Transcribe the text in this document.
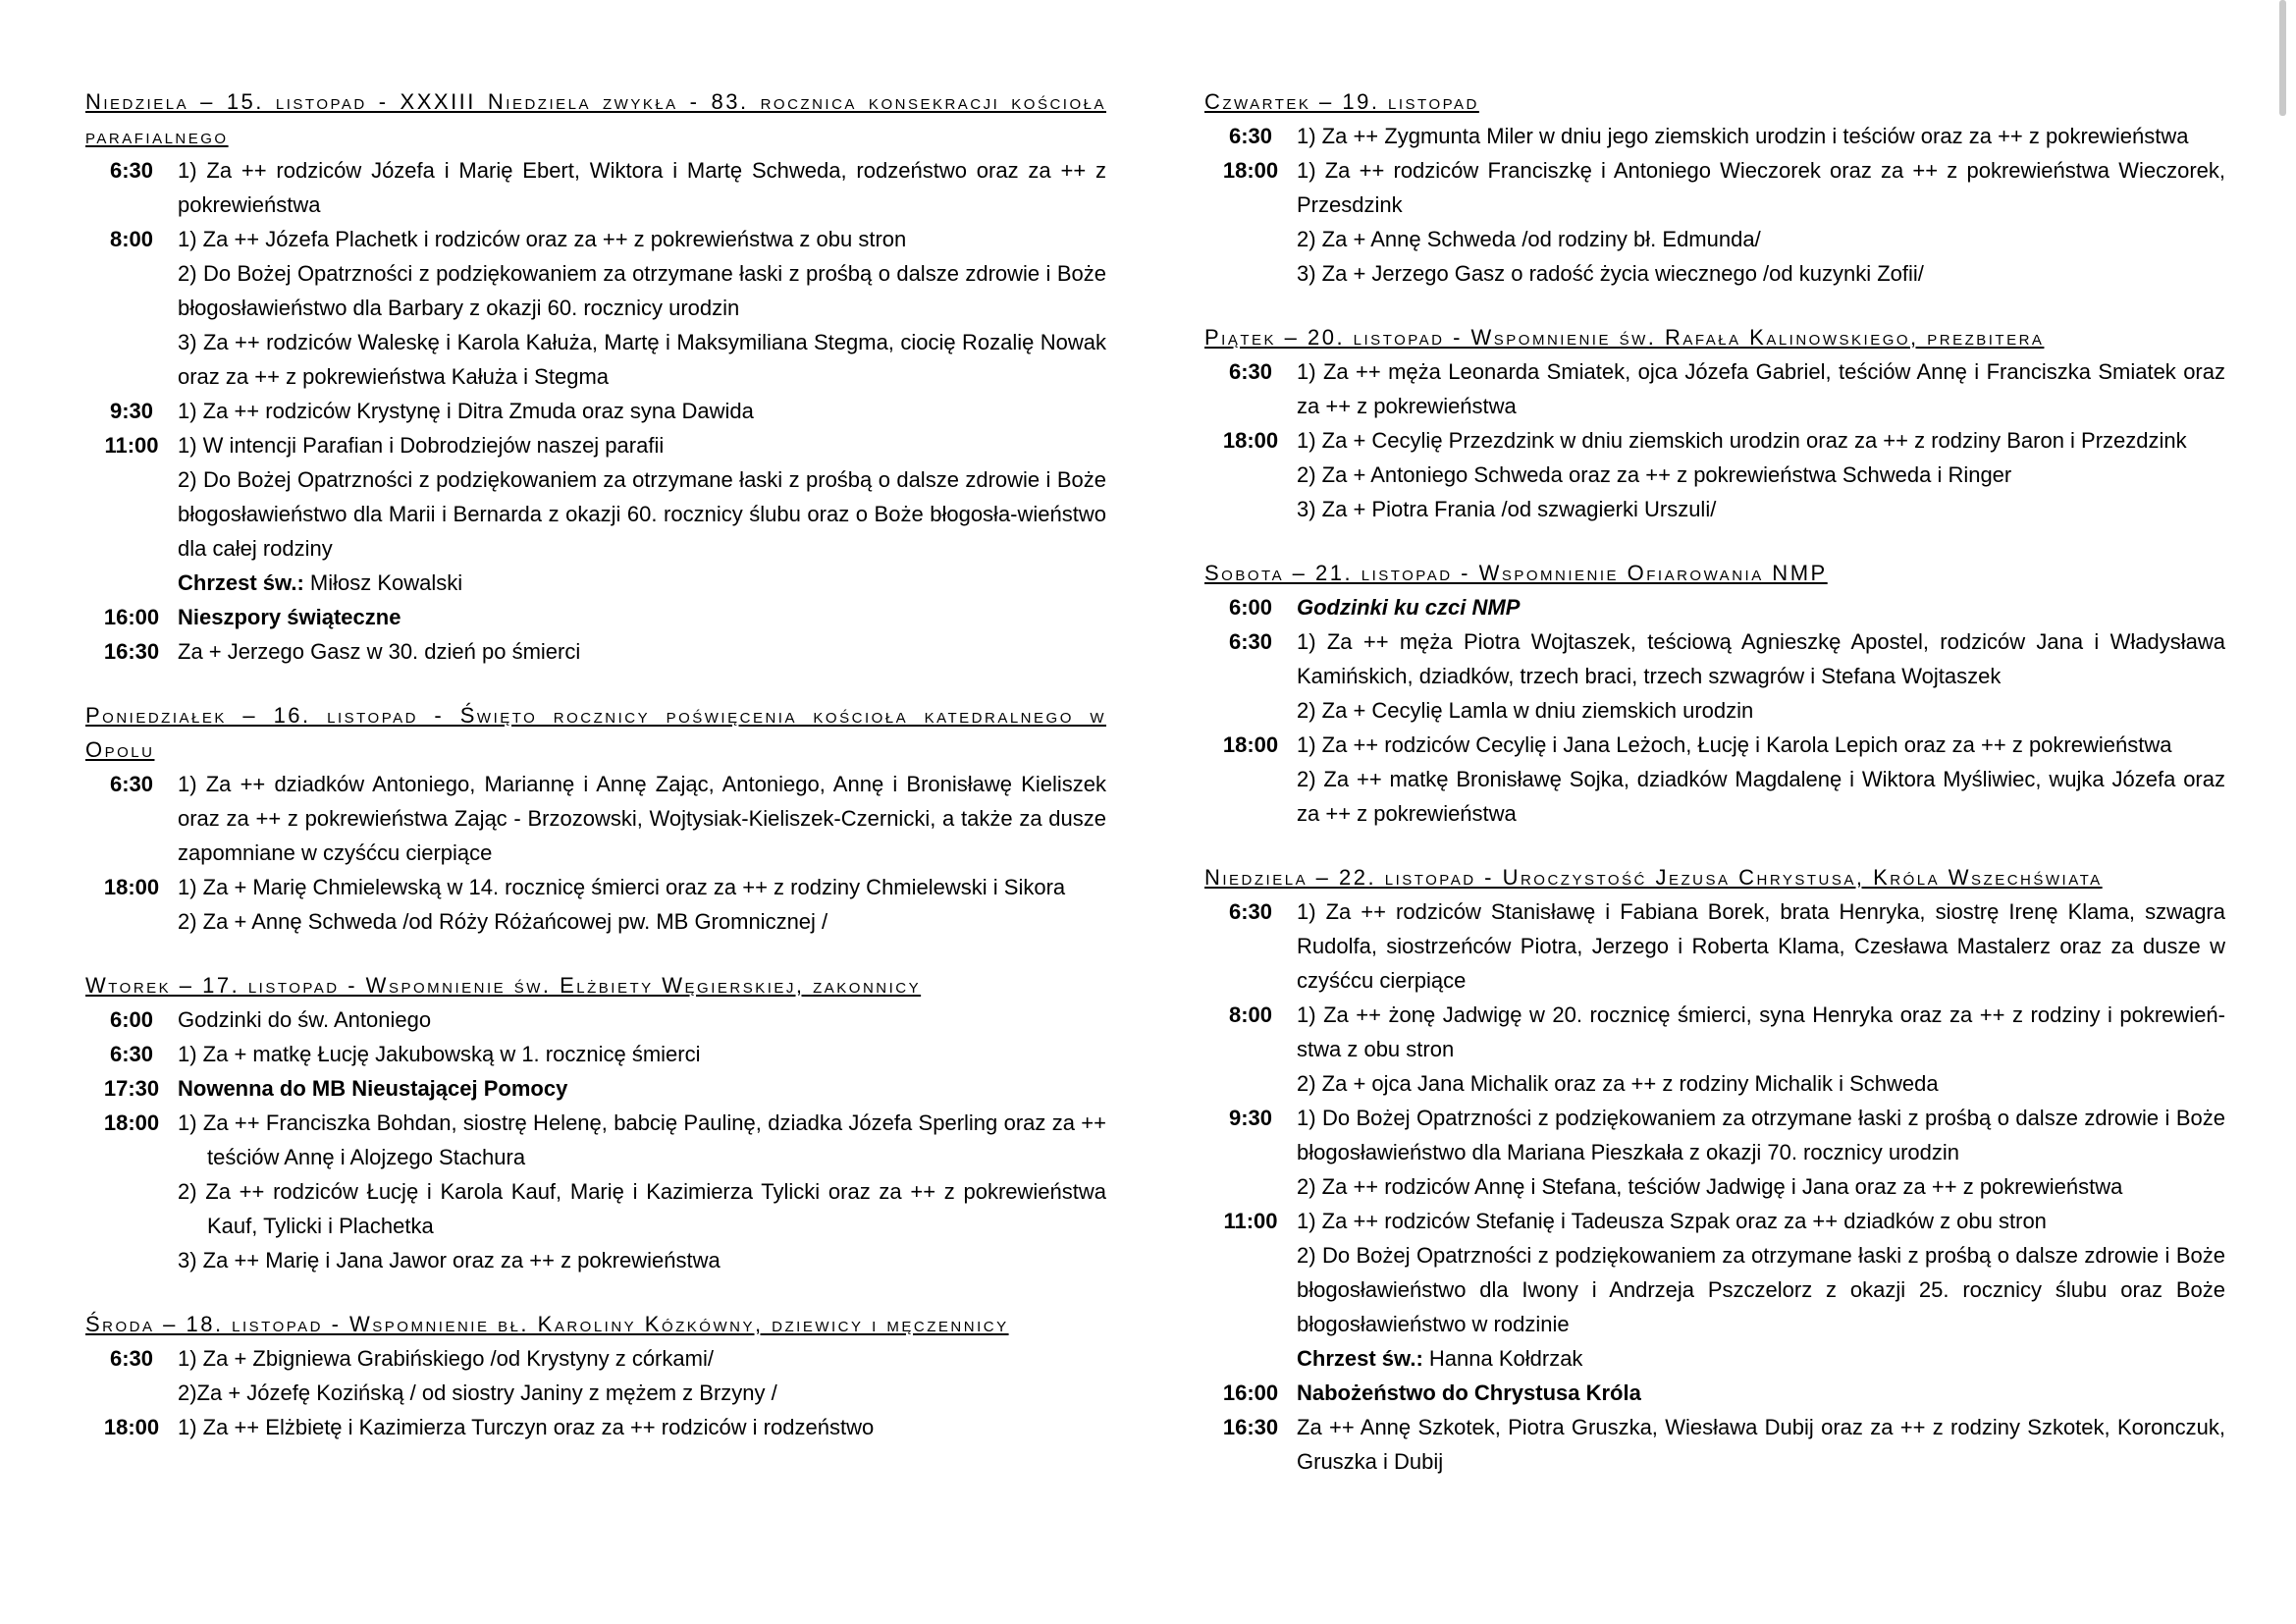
Niedziela – 15. listopad - XXXIII Niedziela zwykła - 83. rocznica konsekracji kościoła parafialnego
6:30	1) Za ++ rodziców Józefa i Marię Ebert, Wiktora i Martę Schweda, rodzeństwo oraz za ++ z pokrewieństwa
8:00	1) Za ++ Józefa Plachetk i rodziców oraz za ++ z pokrewieństwa z obu stron
2) Do Bożej Opatrzności z podziękowaniem za otrzymane łaski z prośbą o dalsze zdrowie i Boże błogosławieństwo dla Barbary z okazji 60. rocznicy urodzin
3) Za ++ rodziców Waleskę i Karola Kałuża, Martę i Maksymiliana Stegma, ciocię Rozalię Nowak oraz za ++ z pokrewieństwa Kałuża i Stegma
9:30	1) Za ++ rodziców Krystynę i Ditra Zmuda oraz syna Dawida
11:00 1) W intencji Parafian i Dobrodziejów naszej parafii
2) Do Bożej Opatrzności z podziękowaniem za otrzymane łaski z prośbą o dalsze zdrowie i Boże błogosławieństwo dla Marii i Bernarda z okazji 60. rocznicy ślubu oraz o Boże błogosła-wieństwo dla całej rodziny
Chrzest św.: Miłosz Kowalski
16:00 Nieszpory świąteczne
16:30 Za + Jerzego Gasz w 30. dzień po śmierci
Poniedziałek – 16. listopad - Święto rocznicy poświęcenia kościoła katedralnego w Opolu
6:30	1) Za ++ dziadków Antoniego, Mariannę i Annę Zając, Antoniego, Annę i Bronisławę Kieliszek oraz za ++ z pokrewieństwa Zając - Brzozowski, Wojtysiak-Kieliszek-Czernicki, a także za dusze zapomniane w czyśćcu cierpiące
18:00 1) Za + Marię Chmielewską w 14. rocznicę śmierci oraz za ++ z rodziny Chmielewski i Sikora
2) Za + Annę Schweda /od Róży Różańcowej pw. MB Gromnicznej /
Wtorek – 17. listopad - Wspomnienie św. Elżbiety Węgierskiej, zakonnicy
6:00	Godzinki do św. Antoniego
6:30	1) Za + matkę Łucję Jakubowską w 1. rocznicę śmierci
17:30 Nowenna do MB Nieustającej Pomocy
18:00 1) Za ++ Franciszka Bohdan, siostrę Helenę, babcię Paulinę, dziadka Józefa Sperling oraz za ++ teściów Annę i Alojzego Stachura
2) Za ++ rodziców Łucję i Karola Kauf, Marię i Kazimierza Tylicki oraz za ++ z pokrewieństwa Kauf, Tylicki i Plachetka
3) Za ++ Marię i Jana Jawor oraz za ++ z pokrewieństwa
Środa – 18. listopad - Wspomnienie bł. Karoliny Kózkówny, dziewicy i męczennicy
6:30	1) Za + Zbigniewa Grabińskiego /od Krystyny z córkami/
2)Za + Józefę Kozińską / od siostry Janiny z mężem z Brzyny /
18:00 1) Za ++ Elżbietę i Kazimierza Turczyn oraz za ++ rodziców i rodzeństwo
Czwartek – 19. listopad
6:30	1) Za ++ Zygmunta Miler w dniu jego ziemskich urodzin i teściów oraz za ++ z pokrewieństwa
18:00 1) Za ++ rodziców Franciszkę i Antoniego Wieczorek oraz za ++ z pokrewieństwa Wieczorek, Przesdzink
2) Za + Annę Schweda /od rodziny bł. Edmunda/
3) Za + Jerzego Gasz o radość życia wiecznego /od kuzynki Zofii/
Piątek – 20. listopad - Wspomnienie św. Rafała Kalinowskiego, prezbitera
6:30	1) Za ++ męża Leonarda Smiatek, ojca Józefa Gabriel, teściów Annę i Franciszka Smiatek oraz za ++ z pokrewieństwa
18:00 1) Za + Cecylię Przezdzink w dniu ziemskich urodzin oraz za ++ z rodziny Baron i Przezdzink
2) Za + Antoniego Schweda oraz za ++ z pokrewieństwa Schweda i Ringer
3) Za + Piotra Frania /od szwagierki Urszuli/
Sobota – 21. listopad - Wspomnienie Ofiarowania NMP
6:00	Godzinki ku czci NMP
6:30	1) Za ++ męża Piotra Wojtaszek, teściową Agnieszkę Apostel, rodziców Jana i Władysława Kamińskich, dziadków, trzech braci, trzech szwagrów i Stefana Wojtaszek
2) Za + Cecylię Lamla w dniu ziemskich urodzin
18:00 1) Za ++ rodziców Cecylię i Jana Leżoch, Łucję i Karola Lepich oraz za ++ z pokrewieństwa
2) Za ++ matkę Bronisławę Sojka, dziadków Magdalenę i Wiktora Myśliwiec, wujka Józefa oraz za ++ z pokrewieństwa
Niedziela – 22. listopad - Uroczystość Jezusa Chrystusa, Króla Wszechświata
6:30	1) Za ++ rodziców Stanisławę i Fabiana Borek, brata Henryka, siostrę Irenę Klama, szwagra Rudolfa, siostrzeńców Piotra, Jerzego i Roberta Klama, Czesława Mastalerz oraz za dusze w czyśćcu cierpiące
8:00	1) Za ++ żonę Jadwigę w 20. rocznicę śmierci, syna Henryka oraz za ++ z rodziny i pokrewień-stwa z obu stron
2) Za + ojca Jana Michalik oraz za ++ z rodziny Michalik i Schweda
9:30	1) Do Bożej Opatrzności z podziękowaniem za otrzymane łaski z prośbą o dalsze zdrowie i Boże błogosławieństwo dla Mariana Pieszkała z okazji 70. rocznicy urodzin
2) Za ++ rodziców Annę i Stefana, teściów Jadwigę i Jana oraz za ++ z pokrewieństwa
11:00 1) Za ++ rodziców Stefanię i Tadeusza Szpak oraz za ++ dziadków z obu stron
2) Do Bożej Opatrzności z podziękowaniem za otrzymane łaski z prośbą o dalsze zdrowie i Boże błogosławieństwo dla Iwony i Andrzeja Pszczelorz z okazji 25. rocznicy ślubu oraz Boże błogosławieństwo w rodzinie
Chrzest św.: Hanna Kołdrzak
16:00 Nabożeństwo do Chrystusa Króla
16:30 Za ++ Annę Szkotek, Piotra Gruszka, Wiesława Dubij oraz za ++ z rodziny Szkotek, Koronczuk, Gruszka i Dubij
